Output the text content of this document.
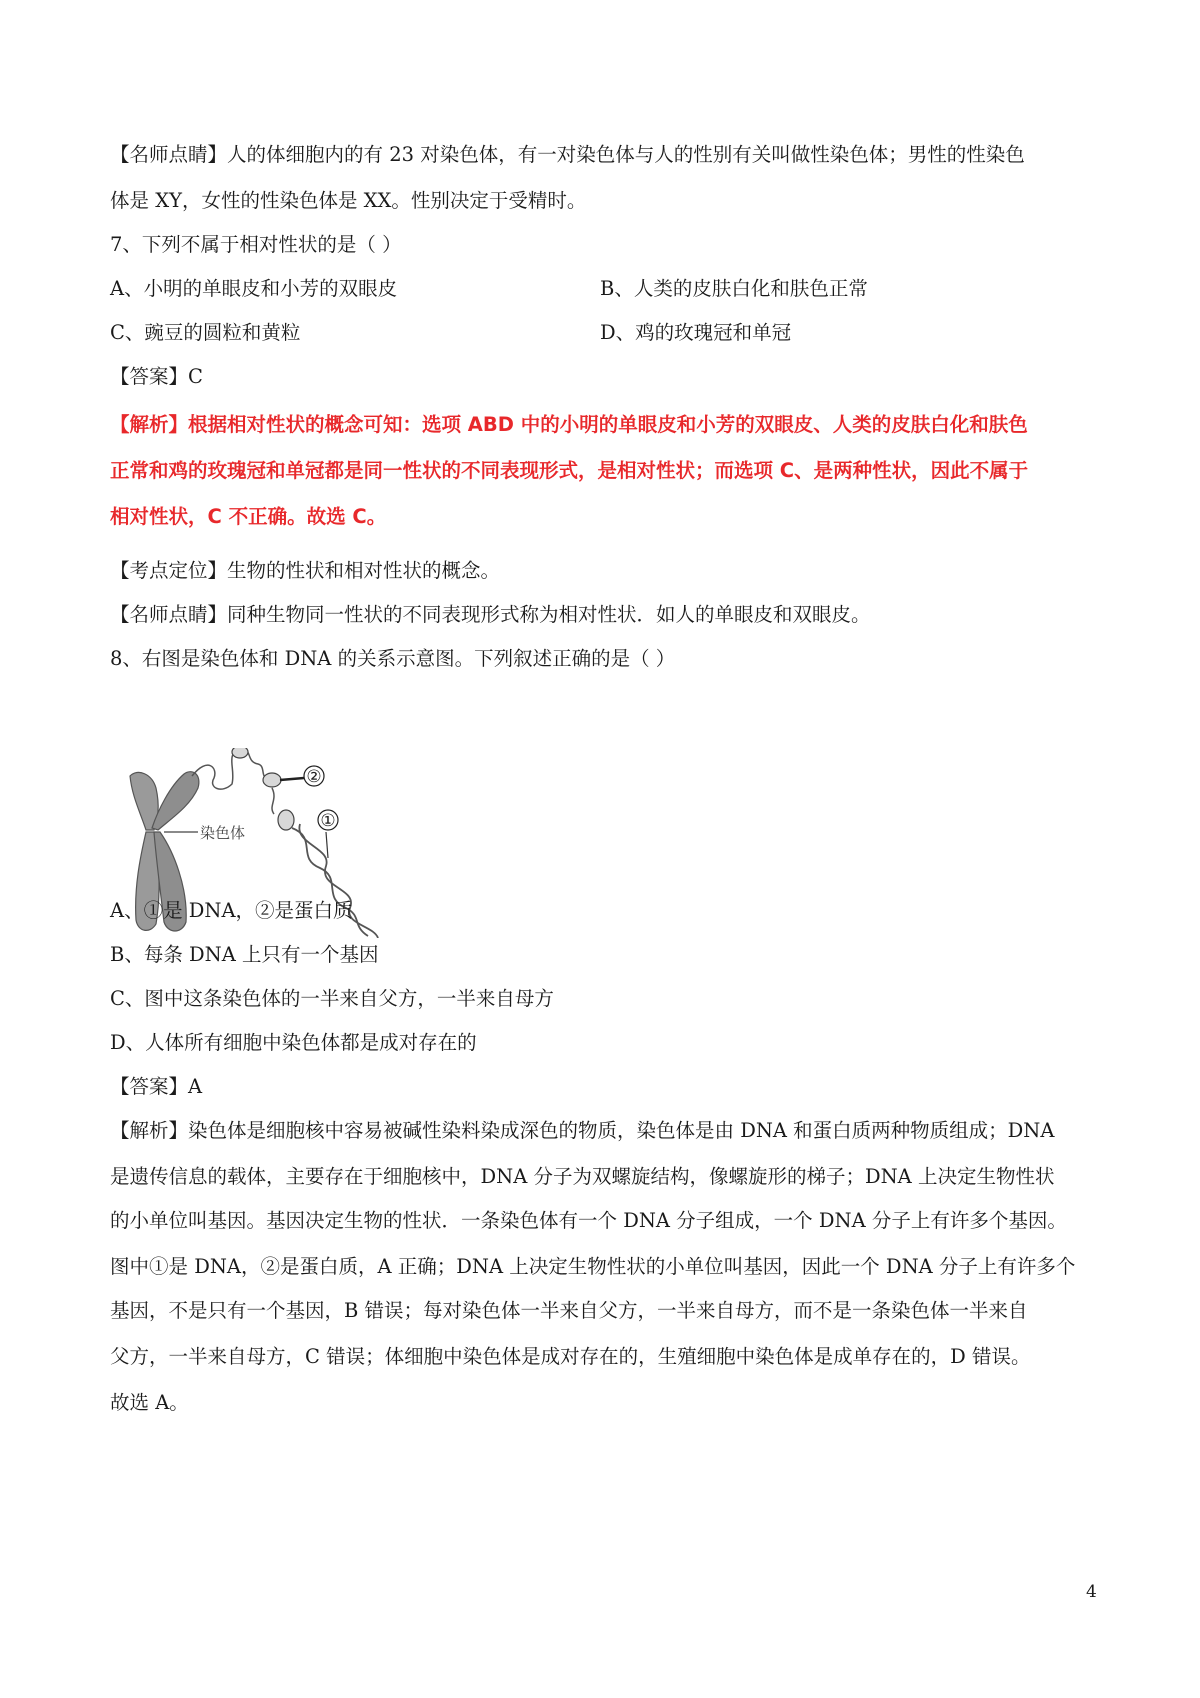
【名师点睛】人的体细胞内的有 23 对染色体，有一对染色体与人的性别有关叫做性染色体；男性的性染色
体是 XY，女性的性染色体是 XX。性别决定于受精时。
7、下列不属于相对性状的是（ ）
A、小明的单眼皮和小芳的双眼皮	B、人类的皮肤白化和肤色正常
C、豌豆的圆粒和黄粒	D、鸡的玫瑰冠和单冠
【答案】C
【解析】根据相对性状的概念可知：选项 ABD 中的小明的单眼皮和小芳的双眼皮、人类的皮肤白化和肤色
正常和鸡的玫瑰冠和单冠都是同一性状的不同表现形式，是相对性状；而选项 C、是两种性状，因此不属于
相对性状，C 不正确。故选 C。
【考点定位】生物的性状和相对性状的概念。
【名师点睛】同种生物同一性状的不同表现形式称为相对性状．如人的单眼皮和双眼皮。
8、右图是染色体和 DNA 的关系示意图。下列叙述正确的是（ ）
染色体
②
①
A、①是 DNA，②是蛋白质
B、每条 DNA 上只有一个基因
C、图中这条染色体的一半来自父方，一半来自母方
D、人体所有细胞中染色体都是成对存在的
【答案】A
【解析】染色体是细胞核中容易被碱性染料染成深色的物质，染色体是由 DNA 和蛋白质两种物质组成；DNA
是遗传信息的载体，主要存在于细胞核中，DNA 分子为双螺旋结构，像螺旋形的梯子；DNA 上决定生物性状
的小单位叫基因。基因决定生物的性状．一条染色体有一个 DNA 分子组成，一个 DNA 分子上有许多个基因。
图中①是 DNA，②是蛋白质，A 正确；DNA 上决定生物性状的小单位叫基因，因此一个 DNA 分子上有许多个
基因，不是只有一个基因，B 错误；每对染色体一半来自父方，一半来自母方，而不是一条染色体一半来自
父方，一半来自母方，C 错误；体细胞中染色体是成对存在的，生殖细胞中染色体是成单存在的，D 错误。
故选 A。
4
